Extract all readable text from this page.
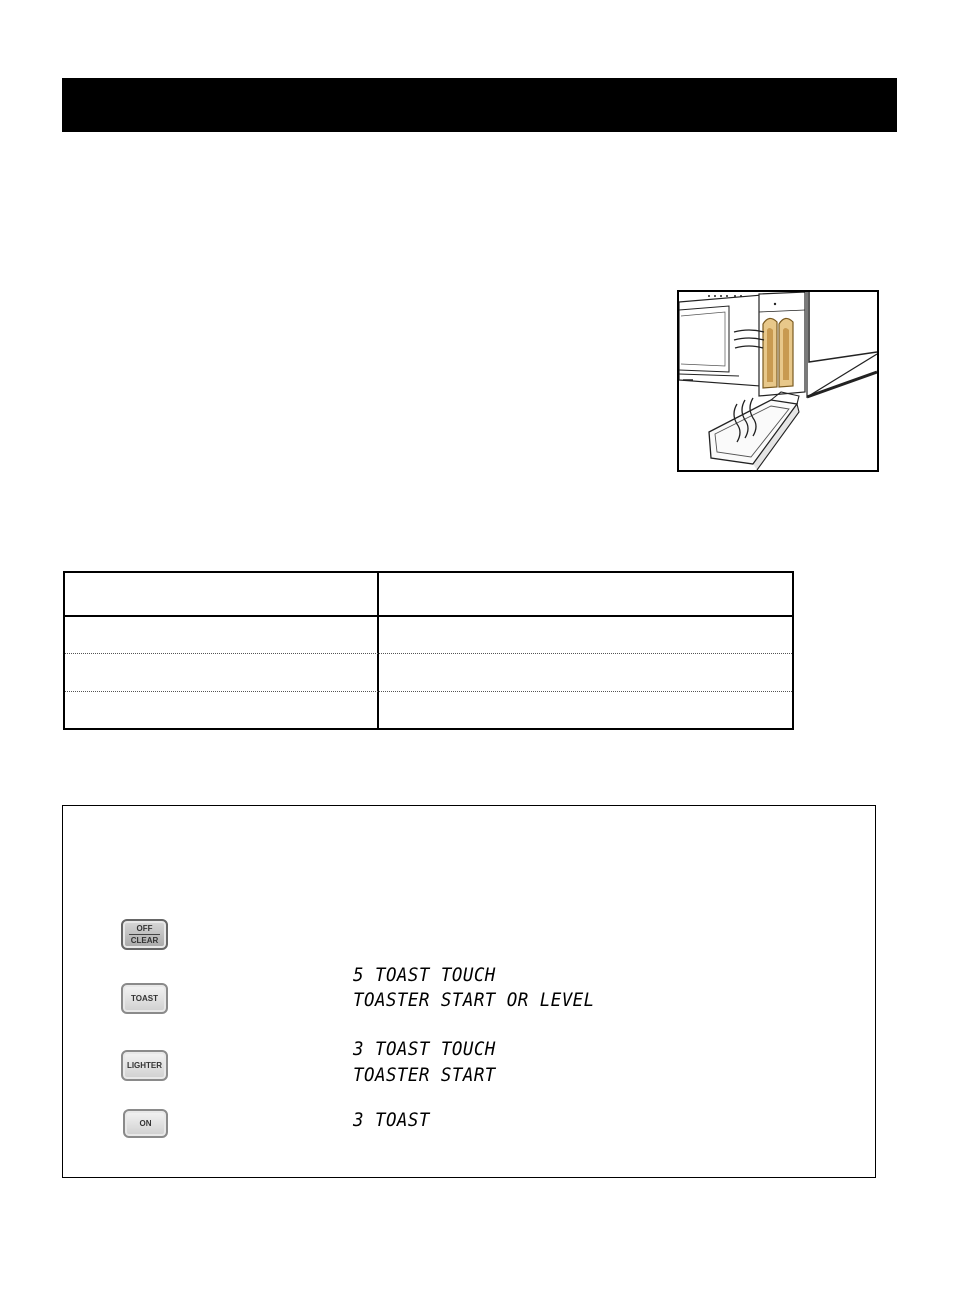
OFF
CLEAR
TOAST
5 TOAST TOUCH
TOASTER START OR LEVEL
LIGHTER
3 TOAST TOUCH
TOASTER START
ON	3 TOAST
